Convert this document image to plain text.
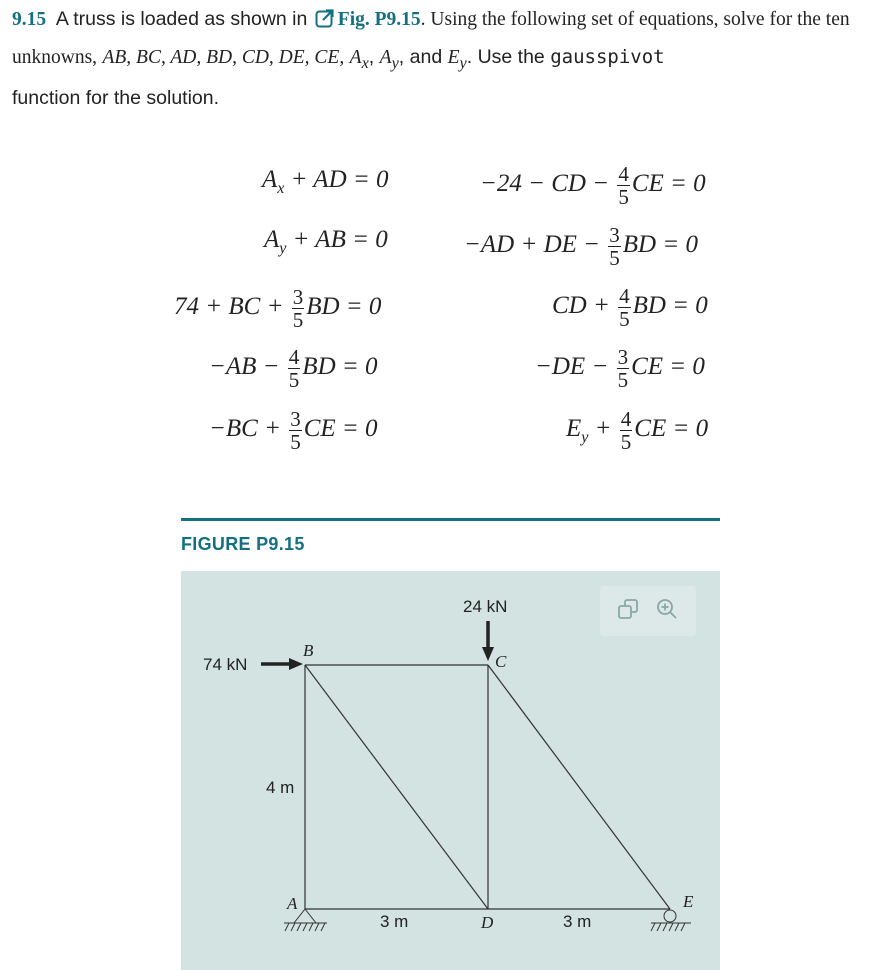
9.15 A truss is loaded as shown in Fig. P9.15. Using the following set of equations, solve for the ten unknowns, AB, BC, AD, BD, CD, DE, CE, $A_x$, $A_y$, and $E_y$. Use the gausspivot
function for the solution.
$A_x$ + AD = 0
$A_y$ + AB = 0
74 + BC + $\frac{3}{5}$ BD = 0
$-AB - \frac{4}{5}$ BD = 0
$-BC + \frac{3}{5}$ CE = 0
−24 − CD − $\frac{4}{5}$ CE = 0
−AD + DE − $\frac{3}{5}$ BD = 0
CD + $\frac{4}{5}$ BD = 0
$-DE - \frac{3}{5}$ CE = 0
$E_y + \frac{4}{5}$ CE = 0
FIGURE P9.15
24 kN
74 kN
B
C
A
D
E
4 m
3 m	3 m
